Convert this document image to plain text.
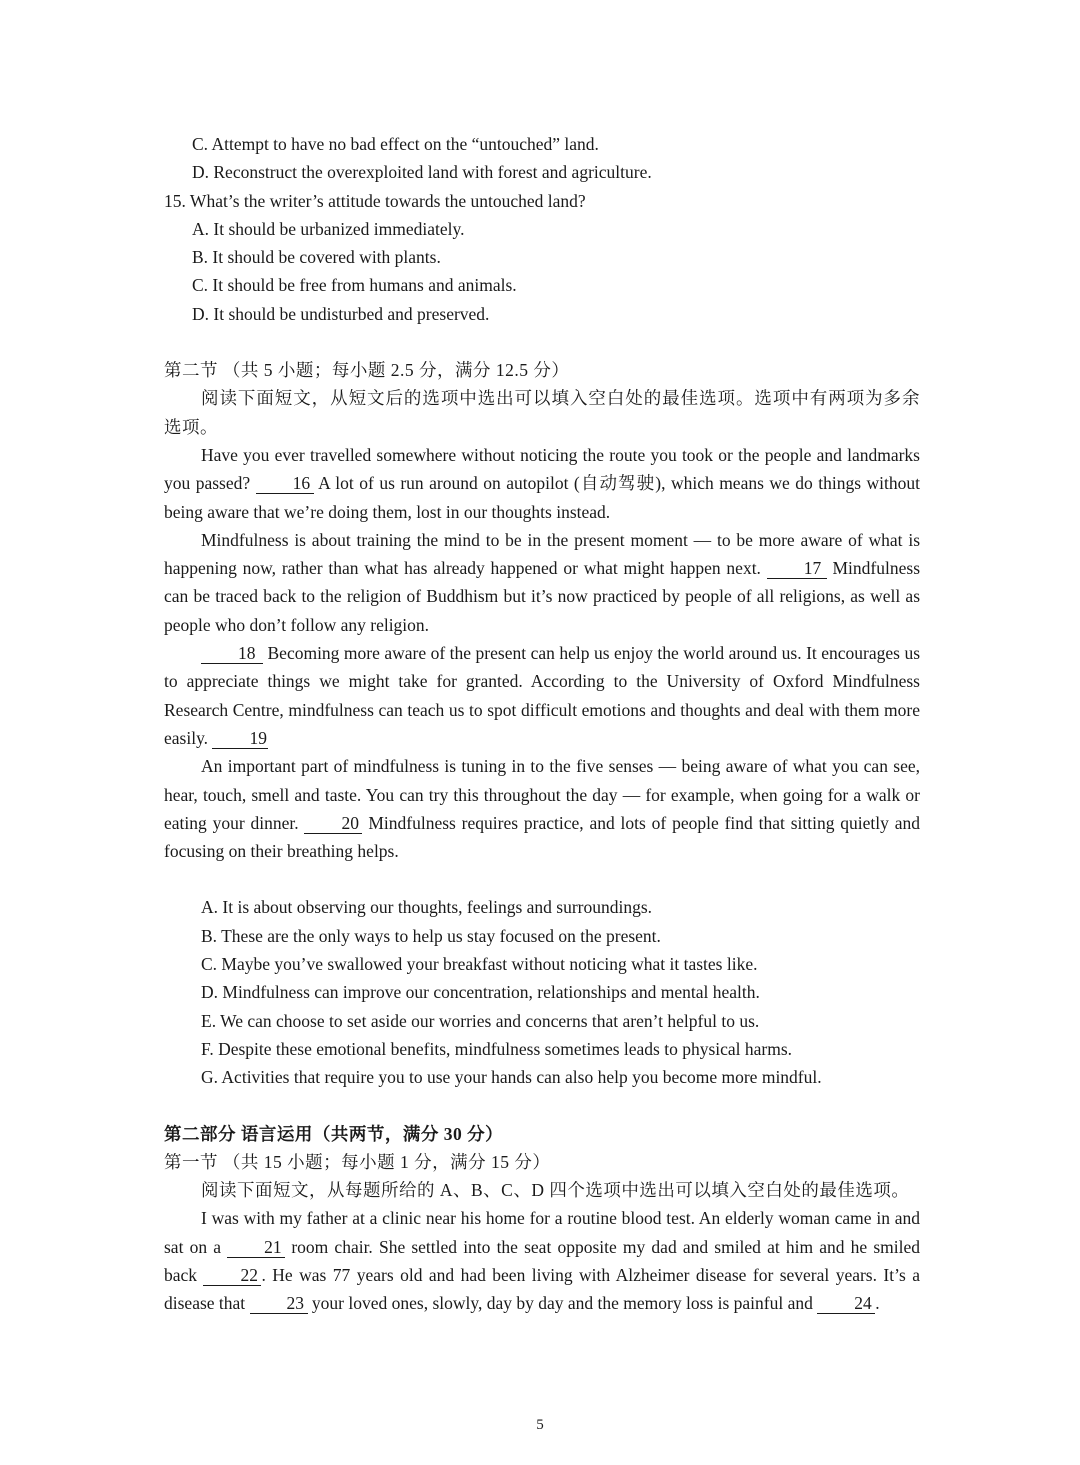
C. Attempt to have no bad effect on the “untouched” land.
D. Reconstruct the overexploited land with forest and agriculture.
15. What’s the writer’s attitude towards the untouched land?
A. It should be urbanized immediately.
B. It should be covered with plants.
C. It should be free from humans and animals.
D. It should be undisturbed and preserved.
第二节 （共 5 小题；每小题 2.5 分，满分 12.5 分）
阅读下面短文，从短文后的选项中选出可以填入空白处的最佳选项。选项中有两项为多余选项。
Have you ever travelled somewhere without noticing the route you took or the people and landmarks you passed? 16 A lot of us run around on autopilot (自动驾驶), which means we do things without being aware that we’re doing them, lost in our thoughts instead.
Mindfulness is about training the mind to be in the present moment — to be more aware of what is happening now, rather than what has already happened or what might happen next. 17 Mindfulness can be traced back to the religion of Buddhism but it’s now practiced by people of all religions, as well as people who don’t follow any religion.
18 Becoming more aware of the present can help us enjoy the world around us. It encourages us to appreciate things we might take for granted. According to the University of Oxford Mindfulness Research Centre, mindfulness can teach us to spot difficult emotions and thoughts and deal with them more easily. 19
An important part of mindfulness is tuning in to the five senses — being aware of what you can see, hear, touch, smell and taste. You can try this throughout the day — for example, when going for a walk or eating your dinner. 20 Mindfulness requires practice, and lots of people find that sitting quietly and focusing on their breathing helps.
A. It is about observing our thoughts, feelings and surroundings.
B. These are the only ways to help us stay focused on the present.
C. Maybe you’ve swallowed your breakfast without noticing what it tastes like.
D. Mindfulness can improve our concentration, relationships and mental health.
E. We can choose to set aside our worries and concerns that aren’t helpful to us.
F. Despite these emotional benefits, mindfulness sometimes leads to physical harms.
G. Activities that require you to use your hands can also help you become more mindful.
第二部分 语言运用（共两节，满分 30 分）
第一节 （共 15 小题；每小题 1 分，满分 15 分）
阅读下面短文，从每题所给的 A、B、C、D 四个选项中选出可以填入空白处的最佳选项。
I was with my father at a clinic near his home for a routine blood test. An elderly woman came in and sat on a 21 room chair. She settled into the seat opposite my dad and smiled at him and he smiled back 22 . He was 77 years old and had been living with Alzheimer disease for several years. It’s a disease that 23 your loved ones, slowly, day by day and the memory loss is painful and 24 .
5
